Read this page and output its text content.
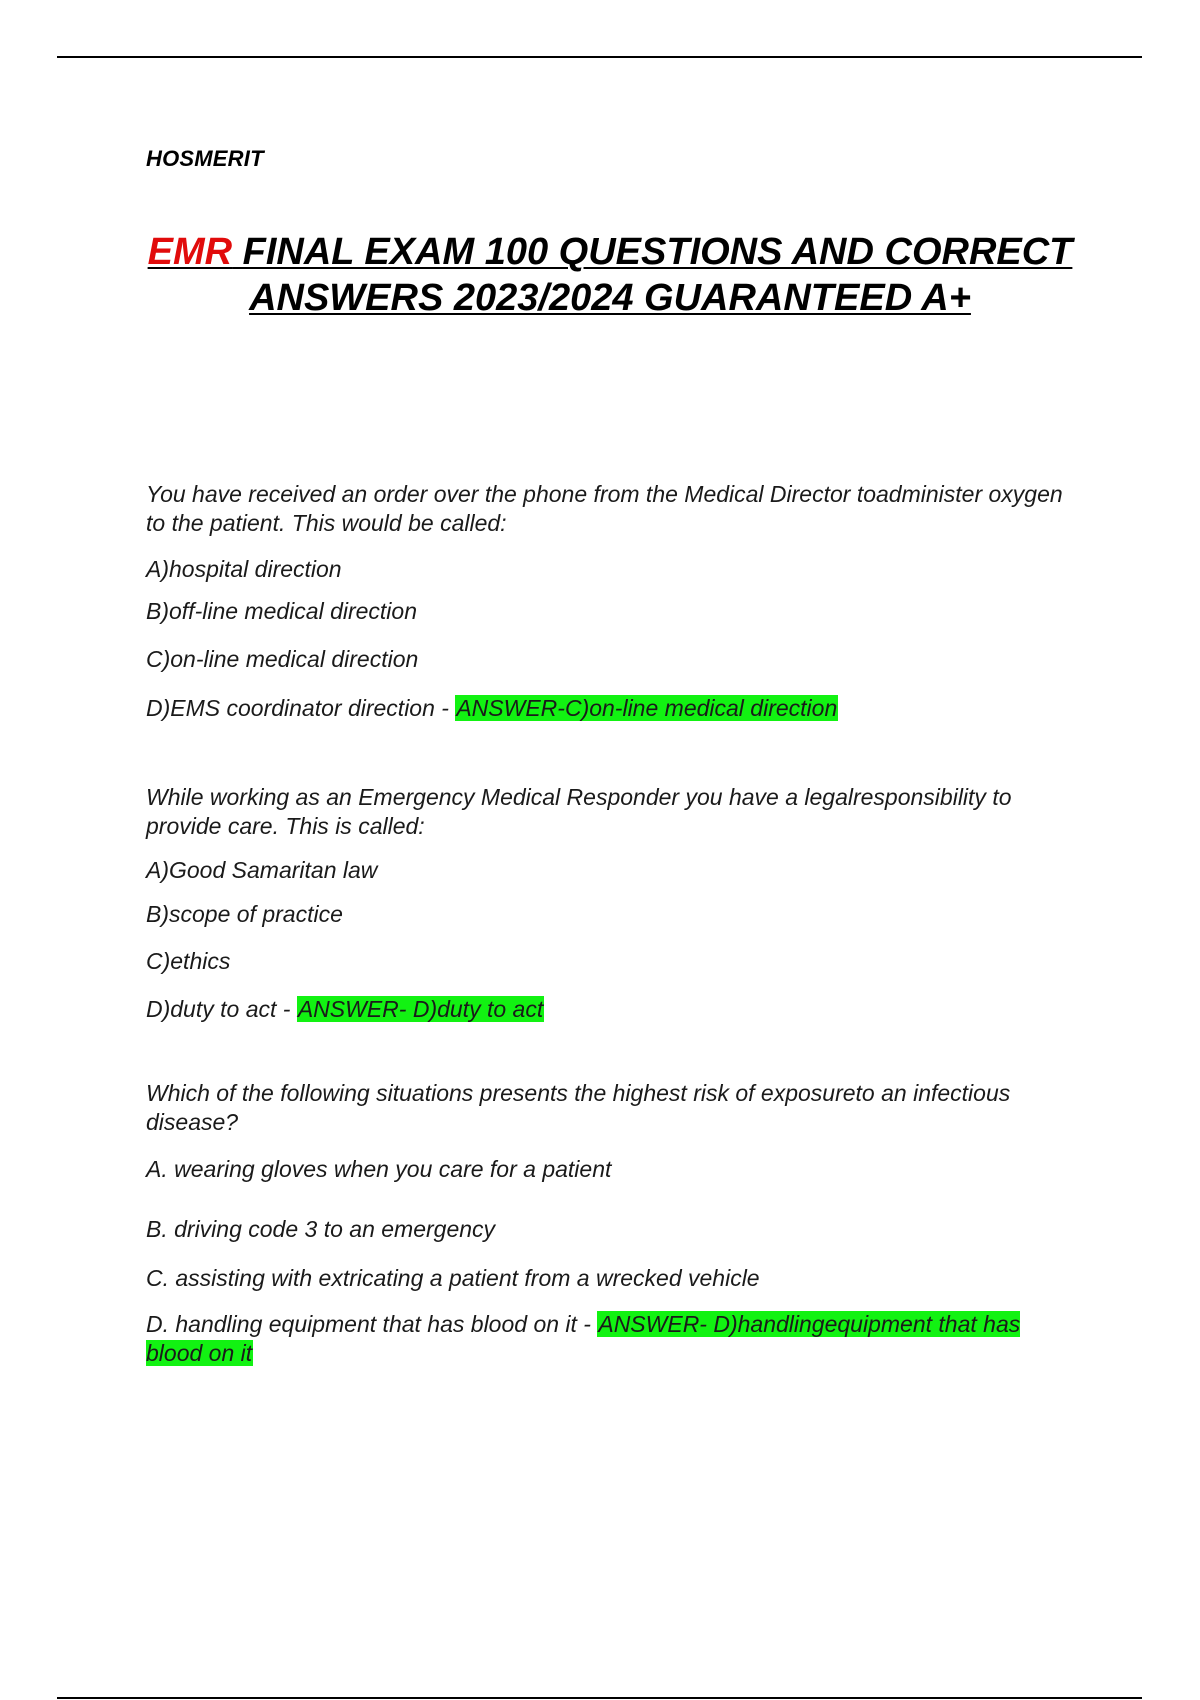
HOSMERIT
EMR FINAL EXAM 100 QUESTIONS AND CORRECT ANSWERS 2023/2024 GUARANTEED A+

You have received an order over the phone from the Medical Director toadminister oxygen to the patient. This would be called:

A)hospital direction
B)off-line medical direction
C)on-line medical direction
D)EMS coordinator direction - ANSWER-C)on-line medical direction

While working as an Emergency Medical Responder you have a legalresponsibility to provide care. This is called:

A)Good Samaritan law
B)scope of practice
C)ethics
D)duty to act - ANSWER- D)duty to act

Which of the following situations presents the highest risk of exposureto an infectious disease?

A. wearing gloves when you care for a patient
B. driving code 3 to an emergency
C. assisting with extricating a patient from a wrecked vehicle
D. handling equipment that has blood on it - ANSWER- D)handlingequipment that has blood on it
